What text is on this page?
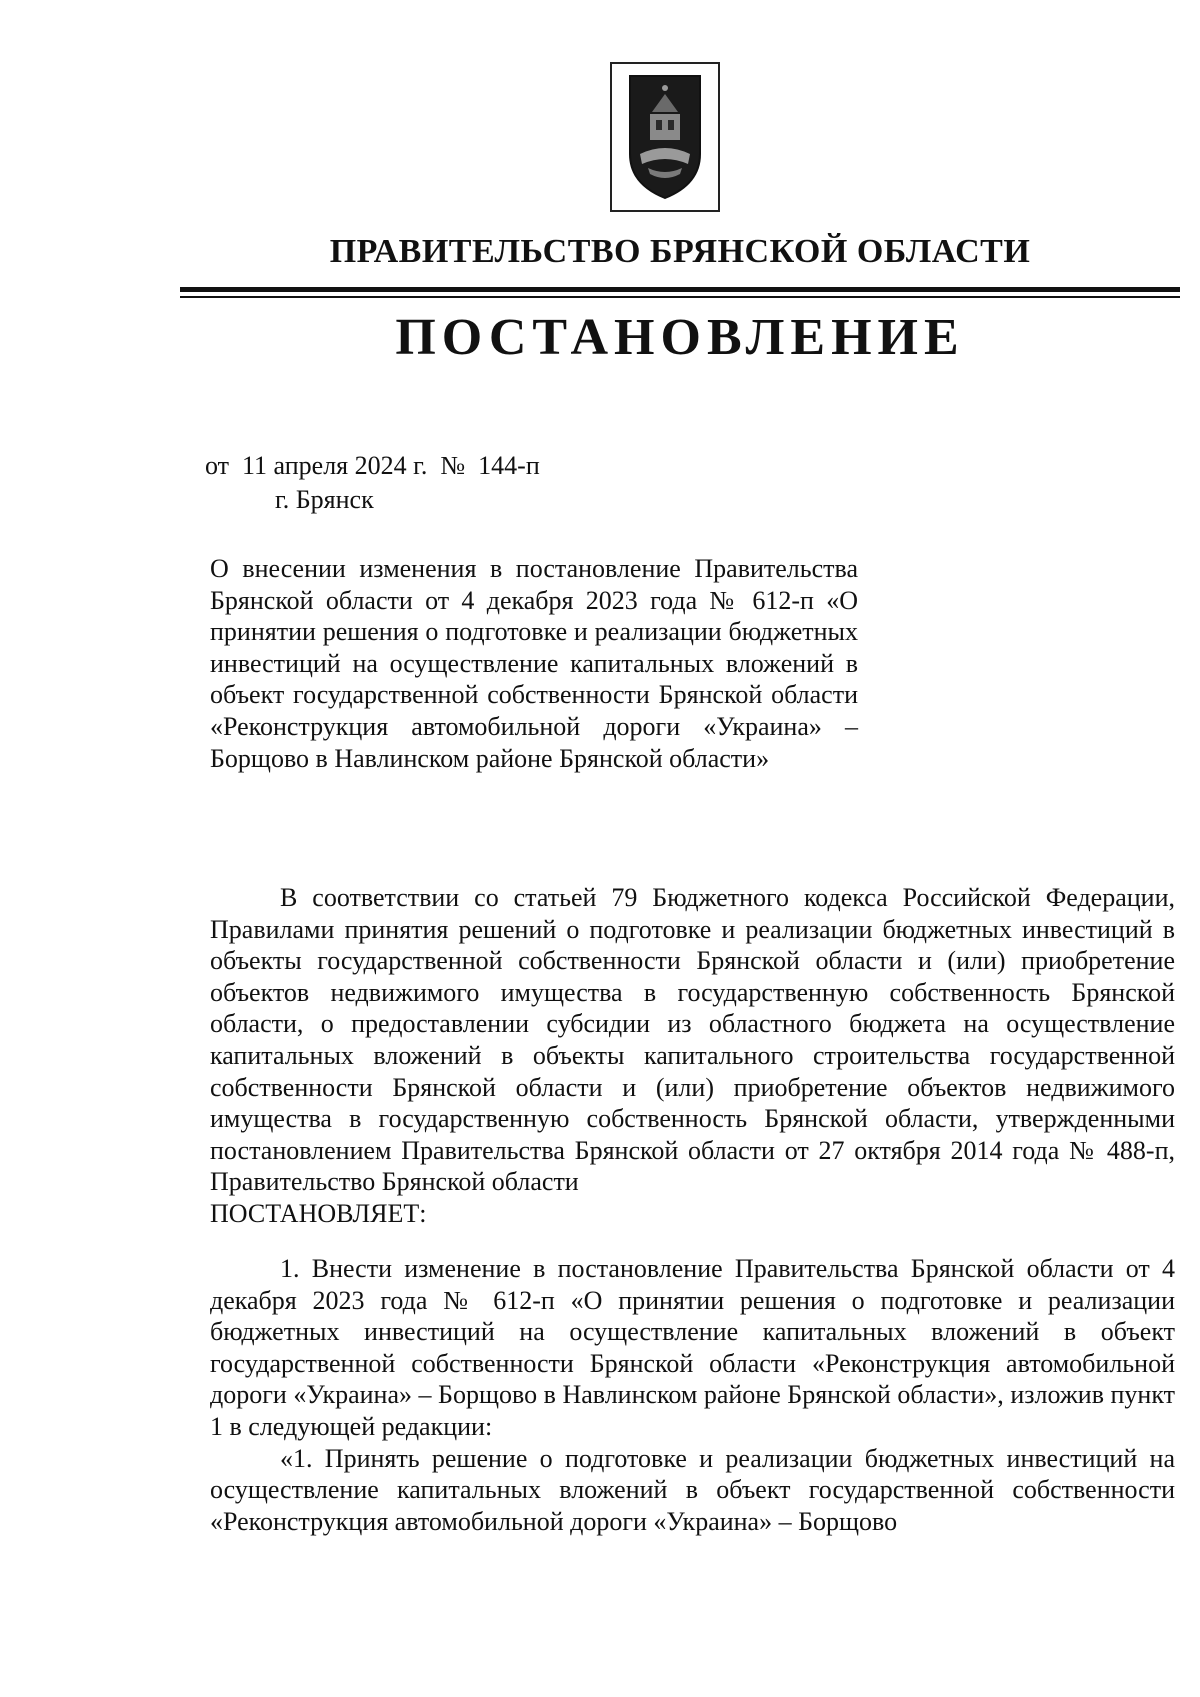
ПРАВИТЕЛЬСТВО БРЯНСКОЙ ОБЛАСТИ
ПОСТАНОВЛЕНИЕ
от  11 апреля 2024 г.  №  144-п
г. Брянск

О внесении изменения в постановление Правительства Брянской области от 4 декабря 2023 года № 612-п «О принятии решения о подготовке и реализации бюджетных инвестиций на осуществление капитальных вложений в объект государственной собственности Брянской области «Реконструкция автомобильной дороги «Украина» – Борщово в Навлинском районе Брянской области»

В соответствии со статьей 79 Бюджетного кодекса Российской Федерации, Правилами принятия решений о подготовке и реализации бюджетных инвестиций в объекты государственной собственности Брянской области и (или) приобретение объектов недвижимого имущества в государственную собственность Брянской области, о предоставлении субсидии из областного бюджета на осуществление капитальных вложений в объекты капитального строительства государственной собственности Брянской области и (или) приобретение объектов недвижимого имущества в государственную собственность Брянской области, утвержденными постановлением Правительства Брянской области от 27 октября 2014 года № 488-п, Правительство Брянской области

ПОСТАНОВЛЯЕТ:

1. Внести изменение в постановление Правительства Брянской области от 4 декабря 2023 года № 612-п «О принятии решения о подготовке и реализации бюджетных инвестиций на осуществление капитальных вложений в объект государственной собственности Брянской области «Реконструкция автомобильной дороги «Украина» – Борщово в Навлинском районе Брянской области», изложив пункт 1 в следующей редакции:

«1. Принять решение о подготовке и реализации бюджетных инвестиций на осуществление капитальных вложений в объект государственной собственности «Реконструкция автомобильной дороги «Украина» – Борщово
